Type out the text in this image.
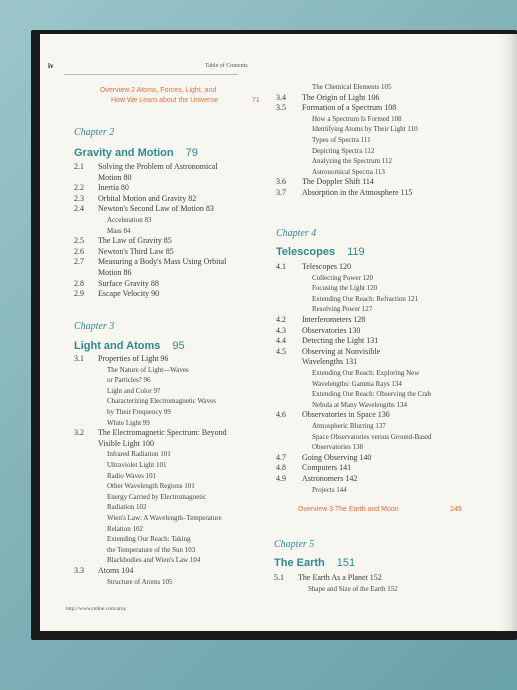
iv	Table of Contents
Overview 2 Atoms, Forces, Light, and
How We Learn about the Universe	71
Chapter 2
Gravity and Motion 79
2.1 Solving the Problem of Astronomical
Motion 80
2.2 Inertia 80
2.3 Orbital Motion and Gravity 82
2.4 Newton's Second Law of Motion 83
Acceleration 83
Mass 84
2.5 The Law of Gravity 85
2.6 Newton's Third Law 85
2.7 Measuring a Body's Mass Using Orbital
Motion 86
2.8 Surface Gravity 88
2.9 Escape Velocity 90
Chapter 3
Light and Atoms 95
3.1 Properties of Light 96
The Nature of Light—Waves
or Particles? 96
Light and Color 97
Characterizing Electromagnetic Waves
by Their Frequency 99
White Light 99
3.2 The Electromagnetic Spectrum: Beyond
Visible Light 100
Infrared Radiation 101
Ultraviolet Light 101
Radio Waves 101
Other Wavelength Regions 101
Energy Carried by Electromagnetic
Radiation 102
Wien's Law: A Wavelength–Temperature
Relation 102
Extending Our Reach: Taking
the Temperature of the Sun 103
Blackbodies and Wien's Law 104
3.3 Atoms 104
Structure of Atoms 105
http://www.mhhe.com/arny
The Chemical Elements 105
3.4 The Origin of Light 106
3.5 Formation of a Spectrum 108
How a Spectrum Is Formed 108
Identifying Atoms by Their Light 110
Types of Spectra 111
Depicting Spectra 112
Analyzing the Spectrum 112
Astronomical Spectra 113
3.6 The Doppler Shift 114
3.7 Absorption in the Atmosphere 115
Chapter 4
Telescopes 119
4.1 Telescopes 120
Collecting Power 120
Focusing the Light 120
Extending Our Reach: Refraction 121
Resolving Power 127
4.2 Interferometers 128
4.3 Observatories 130
4.4 Detecting the Light 131
4.5 Observing at Nonvisible
Wavelengths 131
Extending Our Reach: Exploring New
Wavelengths: Gamma Rays 134
Extending Our Reach: Observing the Crab
Nebula at Many Wavelengths 134
4.6 Observatories in Space 136
Atmospheric Blurring 137
Space Observatories versus Ground-Based
Observatories 138
4.7 Going Observing 140
4.8 Computers 141
4.9 Astronomers 142
Projects 144
Overview 3 The Earth and Moon	145
Chapter 5
The Earth 151
5.1 The Earth As a Planet 152
Shape and Size of the Earth 152
